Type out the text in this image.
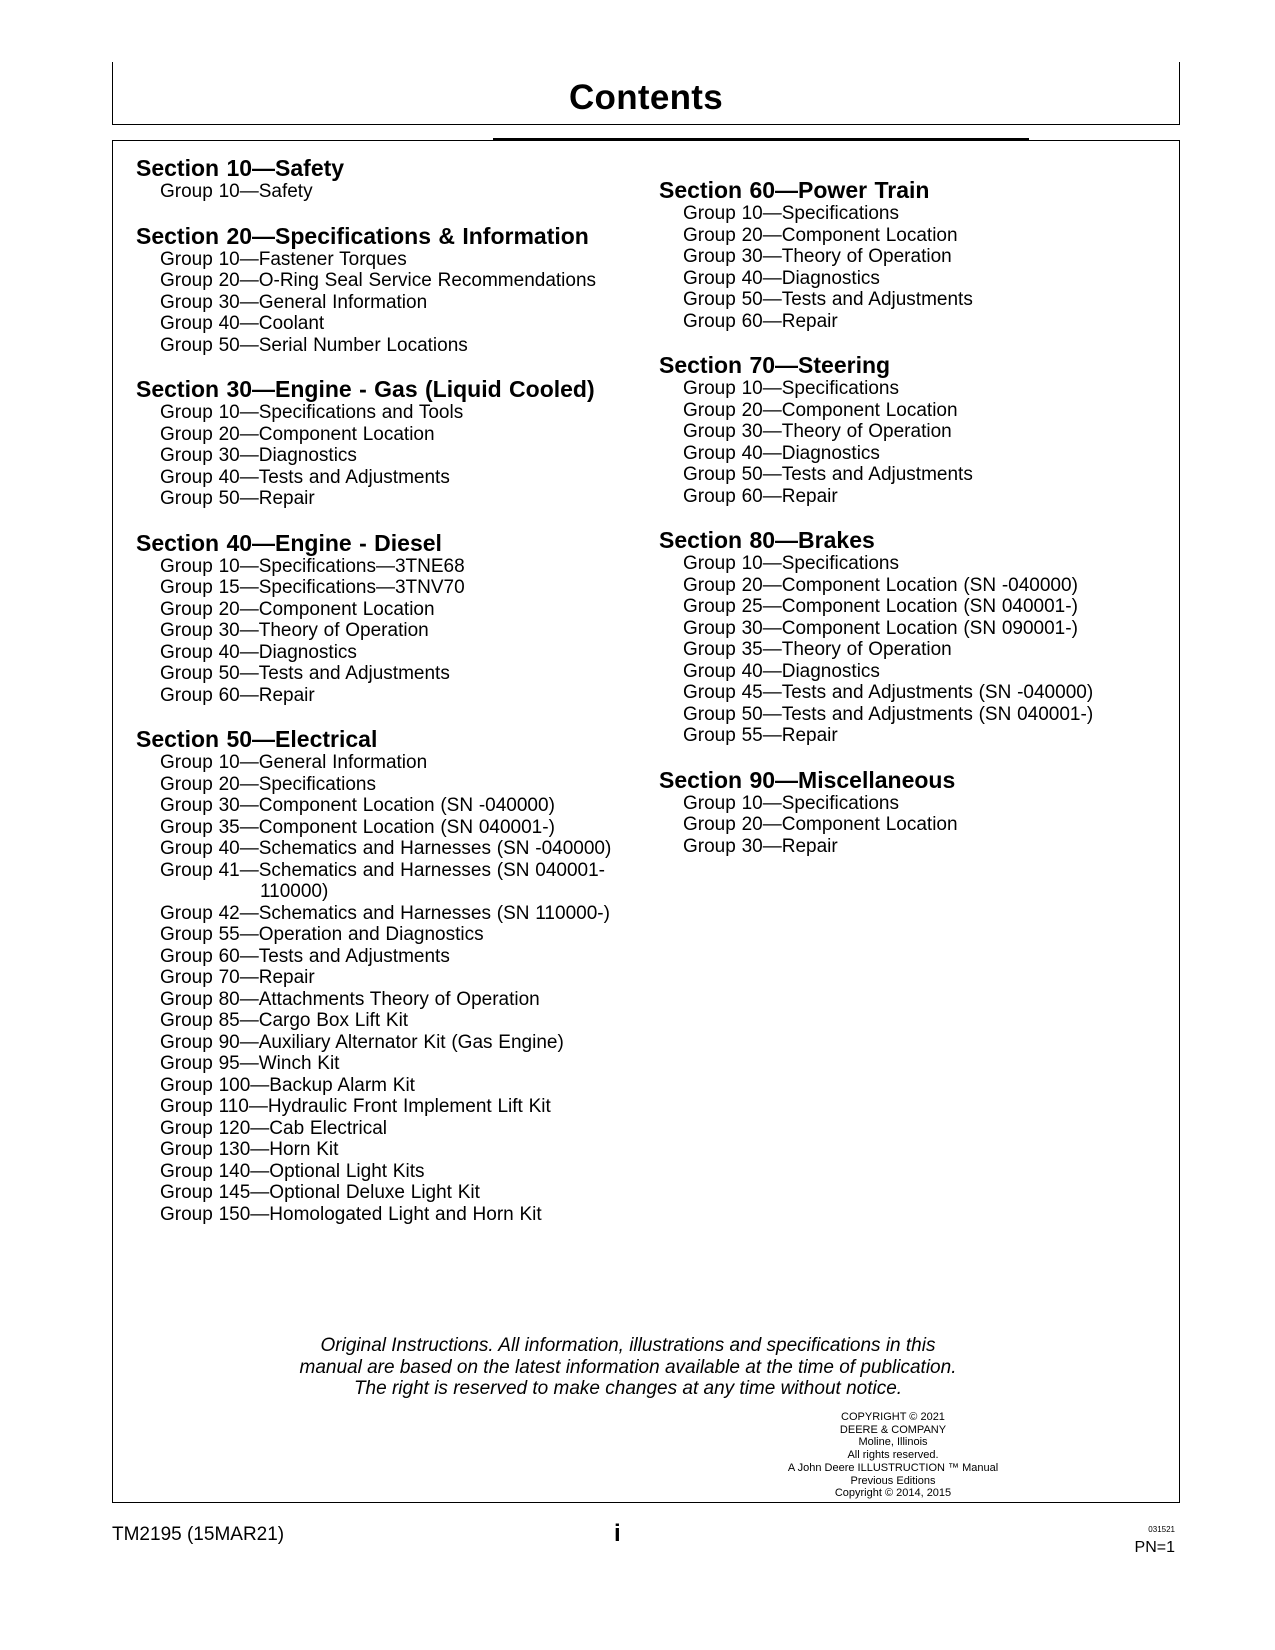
Contents
Section 10—Safety
Group 10—Safety
Section 20—Specifications & Information
Group 10—Fastener Torques
Group 20—O-Ring Seal Service Recommendations
Group 30—General Information
Group 40—Coolant
Group 50—Serial Number Locations
Section 30—Engine - Gas (Liquid Cooled)
Group 10—Specifications and Tools
Group 20—Component Location
Group 30—Diagnostics
Group 40—Tests and Adjustments
Group 50—Repair
Section 40—Engine - Diesel
Group 10—Specifications—3TNE68
Group 15—Specifications—3TNV70
Group 20—Component Location
Group 30—Theory of Operation
Group 40—Diagnostics
Group 50—Tests and Adjustments
Group 60—Repair
Section 50—Electrical
Group 10—General Information
Group 20—Specifications
Group 30—Component Location (SN -040000)
Group 35—Component Location (SN 040001-)
Group 40—Schematics and Harnesses (SN -040000)
Group 41—Schematics and Harnesses (SN 040001-110000)
Group 42—Schematics and Harnesses (SN 110000-)
Group 55—Operation and Diagnostics
Group 60—Tests and Adjustments
Group 70—Repair
Group 80—Attachments Theory of Operation
Group 85—Cargo Box Lift Kit
Group 90—Auxiliary Alternator Kit (Gas Engine)
Group 95—Winch Kit
Group 100—Backup Alarm Kit
Group 110—Hydraulic Front Implement Lift Kit
Group 120—Cab Electrical
Group 130—Horn Kit
Group 140—Optional Light Kits
Group 145—Optional Deluxe Light Kit
Group 150—Homologated Light and Horn Kit
Section 60—Power Train
Group 10—Specifications
Group 20—Component Location
Group 30—Theory of Operation
Group 40—Diagnostics
Group 50—Tests and Adjustments
Group 60—Repair
Section 70—Steering
Group 10—Specifications
Group 20—Component Location
Group 30—Theory of Operation
Group 40—Diagnostics
Group 50—Tests and Adjustments
Group 60—Repair
Section 80—Brakes
Group 10—Specifications
Group 20—Component Location (SN -040000)
Group 25—Component Location (SN 040001-)
Group 30—Component Location (SN 090001-)
Group 35—Theory of Operation
Group 40—Diagnostics
Group 45—Tests and Adjustments (SN -040000)
Group 50—Tests and Adjustments (SN 040001-)
Group 55—Repair
Section 90—Miscellaneous
Group 10—Specifications
Group 20—Component Location
Group 30—Repair
Original Instructions. All information, illustrations and specifications in this
manual are based on the latest information available at the time of publication.
The right is reserved to make changes at any time without notice.
COPYRIGHT © 2021
DEERE & COMPANY
Moline, Illinois
All rights reserved.
A John Deere ILLUSTRUCTION ™ Manual
Previous Editions
Copyright © 2014, 2015
TM2195 (15MAR21)	i	031521
PN=1
